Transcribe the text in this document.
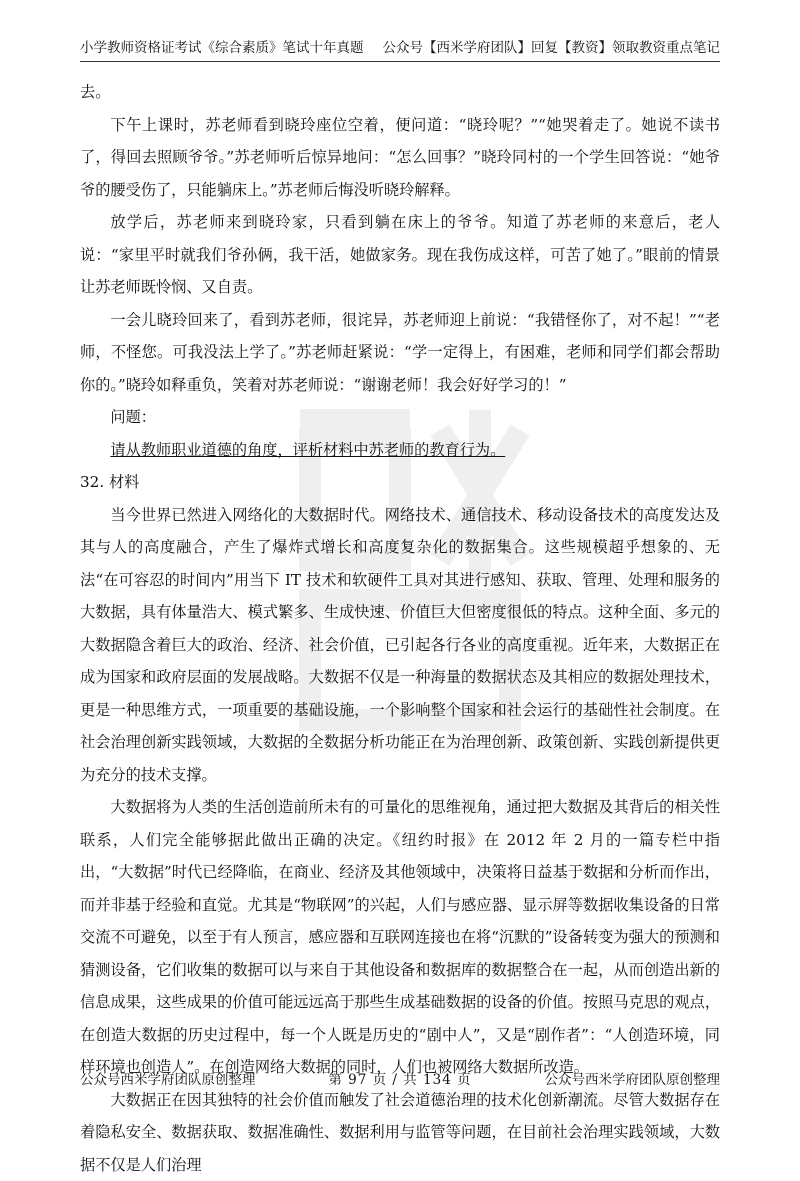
小学教师资格证考试《综合素质》笔试十年真题 公众号【西米学府团队】回复【教资】领取教资重点笔记

去。

下午上课时，苏老师看到晓玲座位空着，便问道：“晓玲呢？”“她哭着走了。她说不读书了，得回去照顾爷爷。”苏老师听后惊异地问：“怎么回事？”晓玲同村的一个学生回答说：“她爷爷的腰受伤了，只能躺床上。”苏老师后悔没听晓玲解释。

放学后，苏老师来到晓玲家，只看到躺在床上的爷爷。知道了苏老师的来意后，老人说：“家里平时就我们爷孙俩，我干活，她做家务。现在我伤成这样，可苦了她了。”眼前的情景让苏老师既怜悯、又自责。

一会儿晓玲回来了，看到苏老师，很诧异，苏老师迎上前说：“我错怪你了，对不起！”“老师，不怪您。可我没法上学了。”苏老师赶紧说：“学一定得上，有困难，老师和同学们都会帮助你的。”晓玲如释重负，笑着对苏老师说：“谢谢老师！我会好好学习的！”

问题：

请从教师职业道德的角度，评析材料中苏老师的教育行为。

32. 材料

当今世界已然进入网络化的大数据时代。网络技术、通信技术、移动设备技术的高度发达及其与人的高度融合，产生了爆炸式增长和高度复杂化的数据集合。这些规模超乎想象的、无法“在可容忍的时间内”用当下 IT 技术和软硬件工具对其进行感知、获取、管理、处理和服务的大数据，具有体量浩大、模式繁多、生成快速、价值巨大但密度很低的特点。这种全面、多元的大数据隐含着巨大的政治、经济、社会价值，已引起各行各业的高度重视。近年来，大数据正在成为国家和政府层面的发展战略。大数据不仅是一种海量的数据状态及其相应的数据处理技术，更是一种思维方式，一项重要的基础设施，一个影响整个国家和社会运行的基础性社会制度。在社会治理创新实践领域，大数据的全数据分析功能正在为治理创新、政策创新、实践创新提供更为充分的技术支撑。

大数据将为人类的生活创造前所未有的可量化的思维视角，通过把大数据及其背后的相关性联系，人们完全能够据此做出正确的决定。《纽约时报》在 2012 年 2 月的一篇专栏中指出，“大数据”时代已经降临，在商业、经济及其他领域中，决策将日益基于数据和分析而作出，而并非基于经验和直觉。尤其是“物联网”的兴起，人们与感应器、显示屏等数据收集设备的日常交流不可避免，以至于有人预言，感应器和互联网连接也在将“沉默的”设备转变为强大的预测和猜测设备，它们收集的数据可以与来自于其他设备和数据库的数据整合在一起，从而创造出新的信息成果，这些成果的价值可能远远高于那些生成基础数据的设备的价值。按照马克思的观点，在创造大数据的历史过程中，每一个人既是历史的“剧中人”，又是“剧作者”：“人创造环境，同样环境也创造人”。在创造网络大数据的同时，人们也被网络大数据所改造。

大数据正在因其独特的社会价值而触发了社会道德治理的技术化创新潮流。尽管大数据存在着隐私安全、数据获取、数据准确性、数据利用与监管等问题，在目前社会治理实践领域，大数据不仅是人们治理

公众号西米学府团队原创整理	第 97 页 / 共 134 页	公众号西米学府团队原创整理
